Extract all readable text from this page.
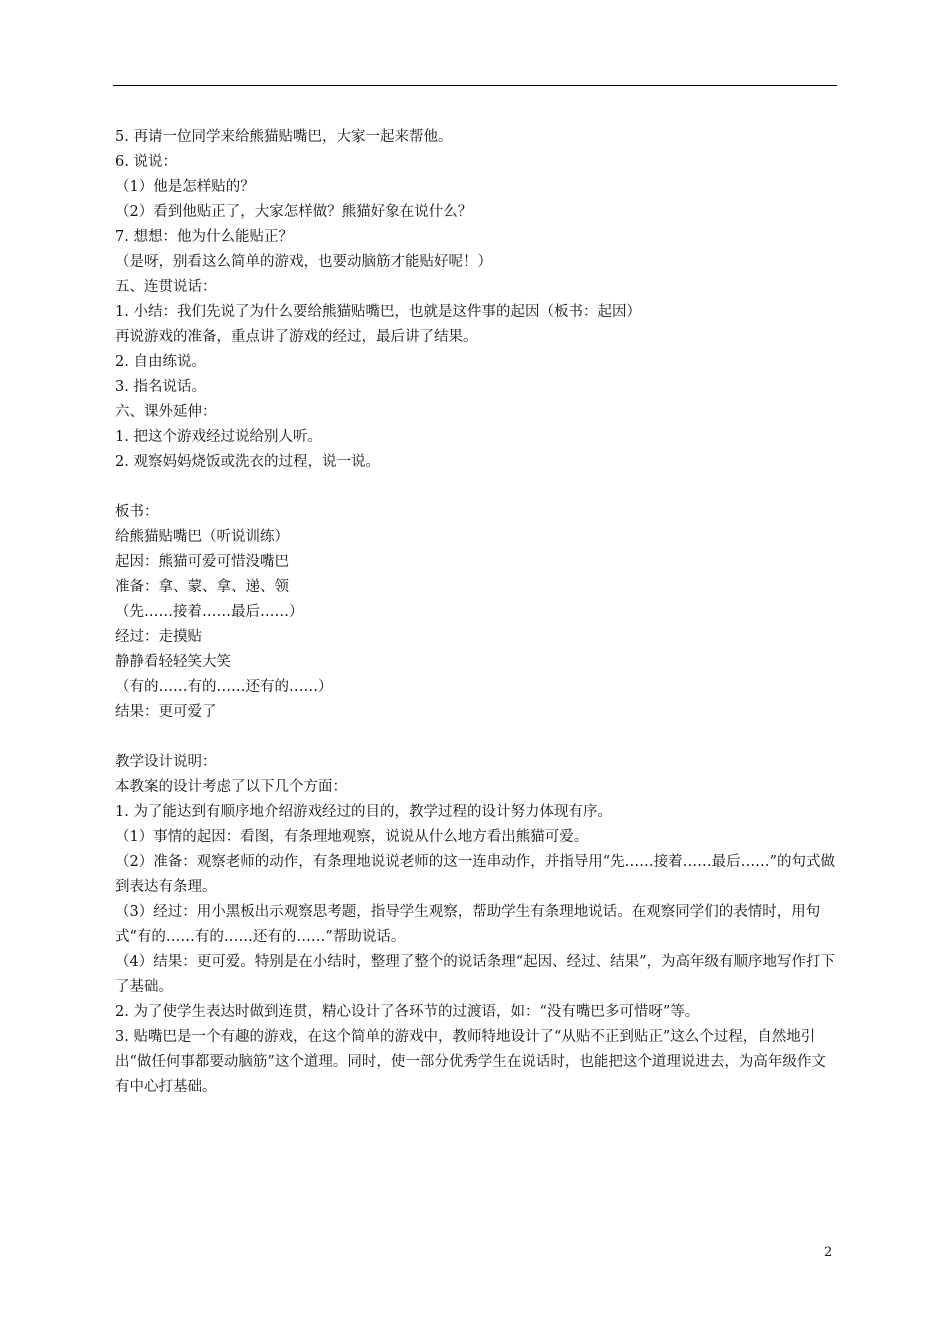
5. 再请一位同学来给熊猫贴嘴巴，大家一起来帮他。
6. 说说：
（1）他是怎样贴的？
（2）看到他贴正了，大家怎样做？熊猫好象在说什么？
7. 想想：他为什么能贴正？
（是呀，别看这么简单的游戏，也要动脑筋才能贴好呢！）
五、连贯说话：
1. 小结：我们先说了为什么要给熊猫贴嘴巴，也就是这件事的起因（板书：起因）
再说游戏的准备，重点讲了游戏的经过，最后讲了结果。
2. 自由练说。
3. 指名说话。
六、课外延伸：
1. 把这个游戏经过说给别人听。
2. 观察妈妈烧饭或洗衣的过程，说一说。
板书：
给熊猫贴嘴巴（听说训练）
起因：熊猫可爱可惜没嘴巴
准备：拿、蒙、拿、递、领
（先……接着……最后……）
经过：走摸贴
静静看轻轻笑大笑
（有的……有的……还有的……）
结果：更可爱了
教学设计说明：
本教案的设计考虑了以下几个方面：
1. 为了能达到有顺序地介绍游戏经过的目的，教学过程的设计努力体现有序。
（1）事情的起因：看图，有条理地观察，说说从什么地方看出熊猫可爱。
（2）准备：观察老师的动作，有条理地说说老师的这一连串动作，并指导用“先……接着……最后……”的句式做到表达有条理。
（3）经过：用小黑板出示观察思考题，指导学生观察，帮助学生有条理地说话。在观察同学们的表情时，用句式“有的……有的……还有的……”帮助说话。
（4）结果：更可爱。特别是在小结时，整理了整个的说话条理“起因、经过、结果”，为高年级有顺序地写作打下了基础。
2. 为了使学生表达时做到连贯，精心设计了各环节的过渡语，如：“没有嘴巴多可惜呀”等。
3. 贴嘴巴是一个有趣的游戏，在这个简单的游戏中，教师特地设计了“从贴不正到贴正”这么个过程，自然地引出“做任何事都要动脑筋”这个道理。同时，使一部分优秀学生在说话时，也能把这个道理说进去，为高年级作文有中心打基础。
2
